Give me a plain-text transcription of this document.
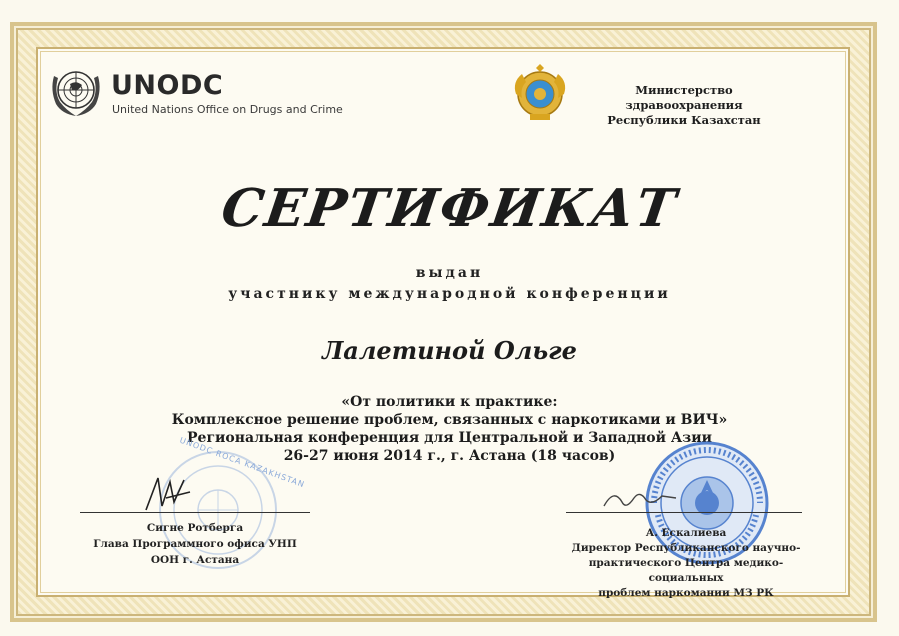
UNODC
United Nations Office on Drugs and Crime
Министерство здравоохранения
Республики Казахстан
СЕРТИФИКАТ
выдан
участнику международной конференции
Лалетиной Ольге
«От политики к практике:
Комплексное решение проблем, связанных с наркотиками и ВИЧ»
Региональная конференция для Центральной и Западной Азии
26-27 июня 2014 г., г. Астана (18 часов)
UNODC ROCA KAZAKHSTAN
Сигне Ротберга
Глава Программного офиса УНП
ООН г. Астана
А. Ескалиева
Директор Республиканского научно-
практического Центра медико-социальных
проблем наркомании МЗ РК
